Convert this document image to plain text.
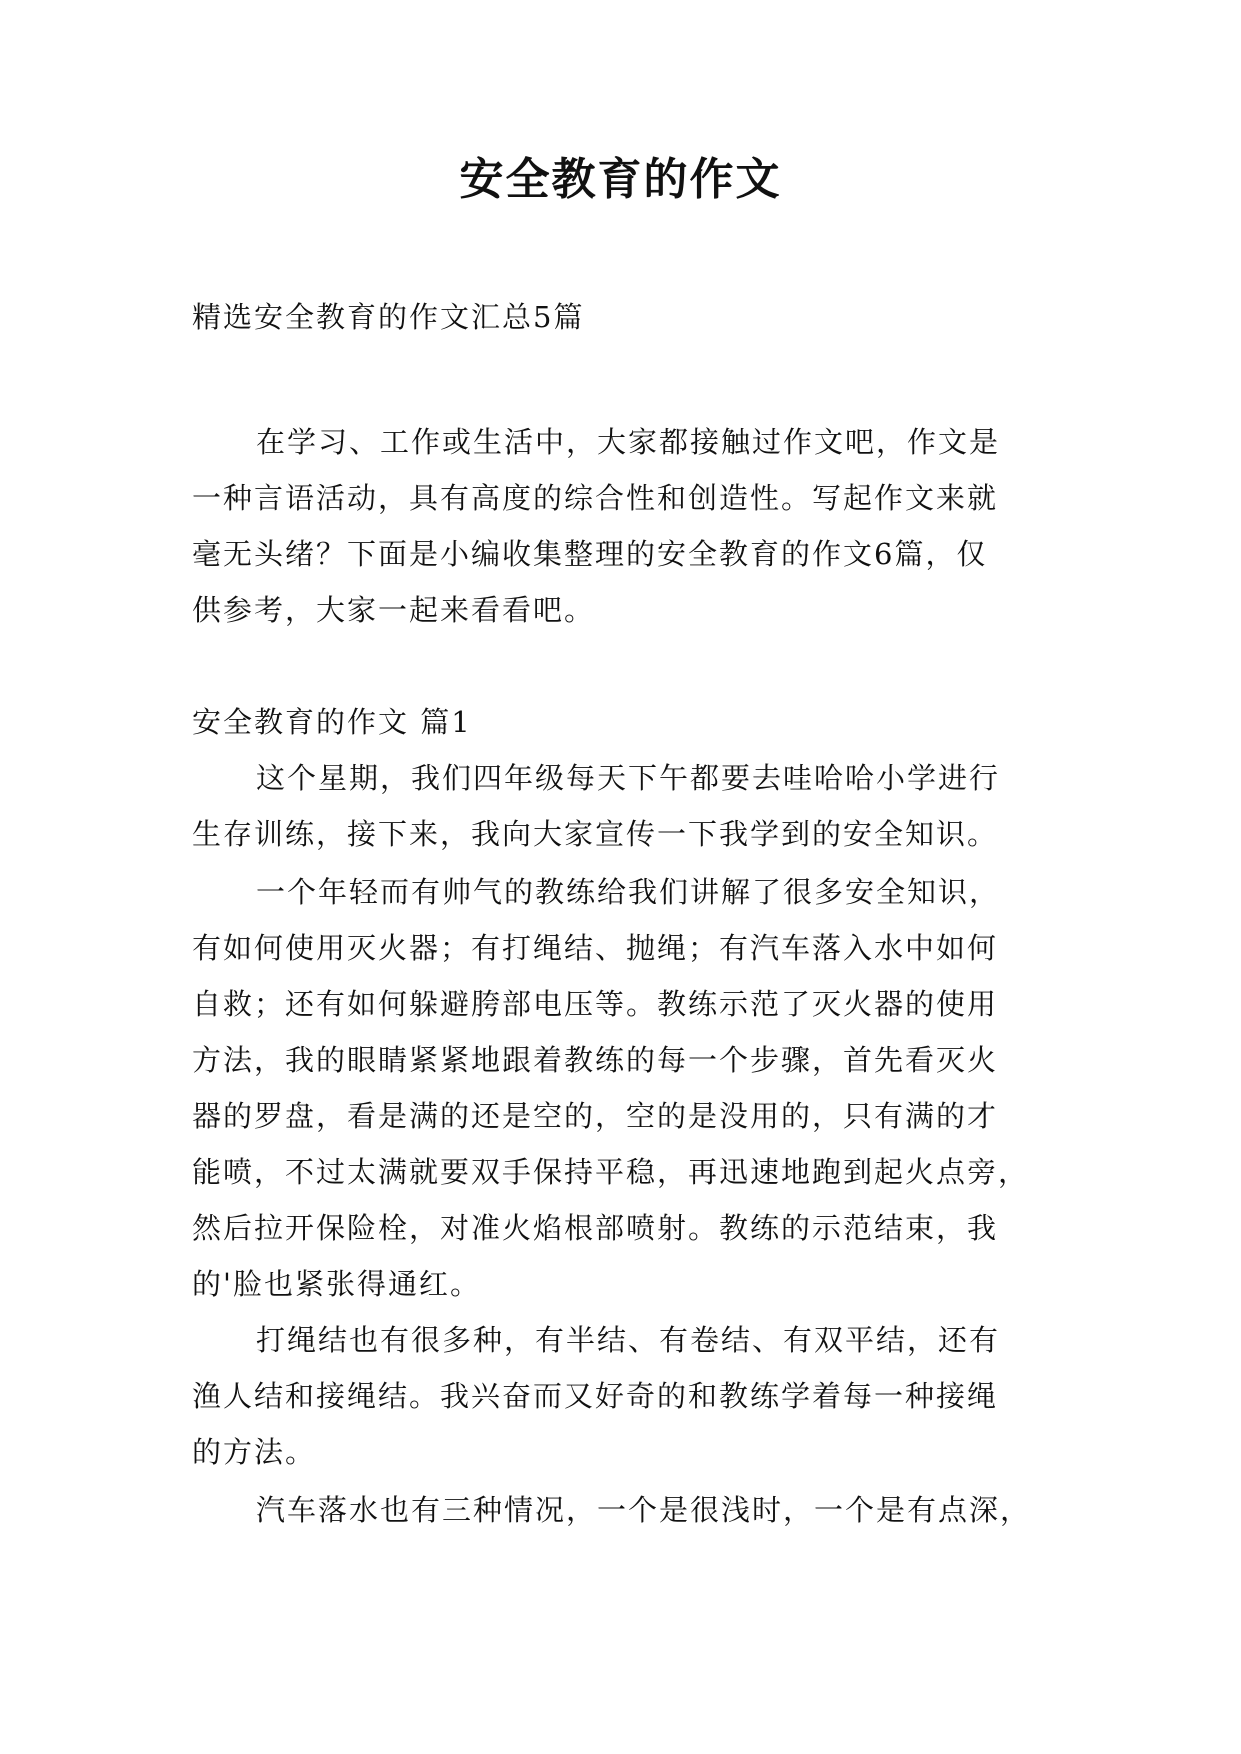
安全教育的作文

精选安全教育的作文汇总5篇

在学习、工作或生活中，大家都接触过作文吧，作文是

一种言语活动，具有高度的综合性和创造性。写起作文来就

毫无头绪？下面是小编收集整理的安全教育的作文6篇，仅

供参考，大家一起来看看吧。

安全教育的作文 篇1

这个星期，我们四年级每天下午都要去哇哈哈小学进行

生存训练，接下来，我向大家宣传一下我学到的安全知识。

一个年轻而有帅气的教练给我们讲解了很多安全知识，

有如何使用灭火器；有打绳结、抛绳；有汽车落入水中如何

自救；还有如何躲避胯部电压等。教练示范了灭火器的使用

方法，我的眼睛紧紧地跟着教练的每一个步骤，首先看灭火

器的罗盘，看是满的还是空的，空的是没用的，只有满的才

能喷，不过太满就要双手保持平稳，再迅速地跑到起火点旁，

然后拉开保险栓，对准火焰根部喷射。教练的示范结束，我

的'脸也紧张得通红。

打绳结也有很多种，有半结、有卷结、有双平结，还有

渔人结和接绳结。我兴奋而又好奇的和教练学着每一种接绳

的方法。

汽车落水也有三种情况，一个是很浅时，一个是有点深，
